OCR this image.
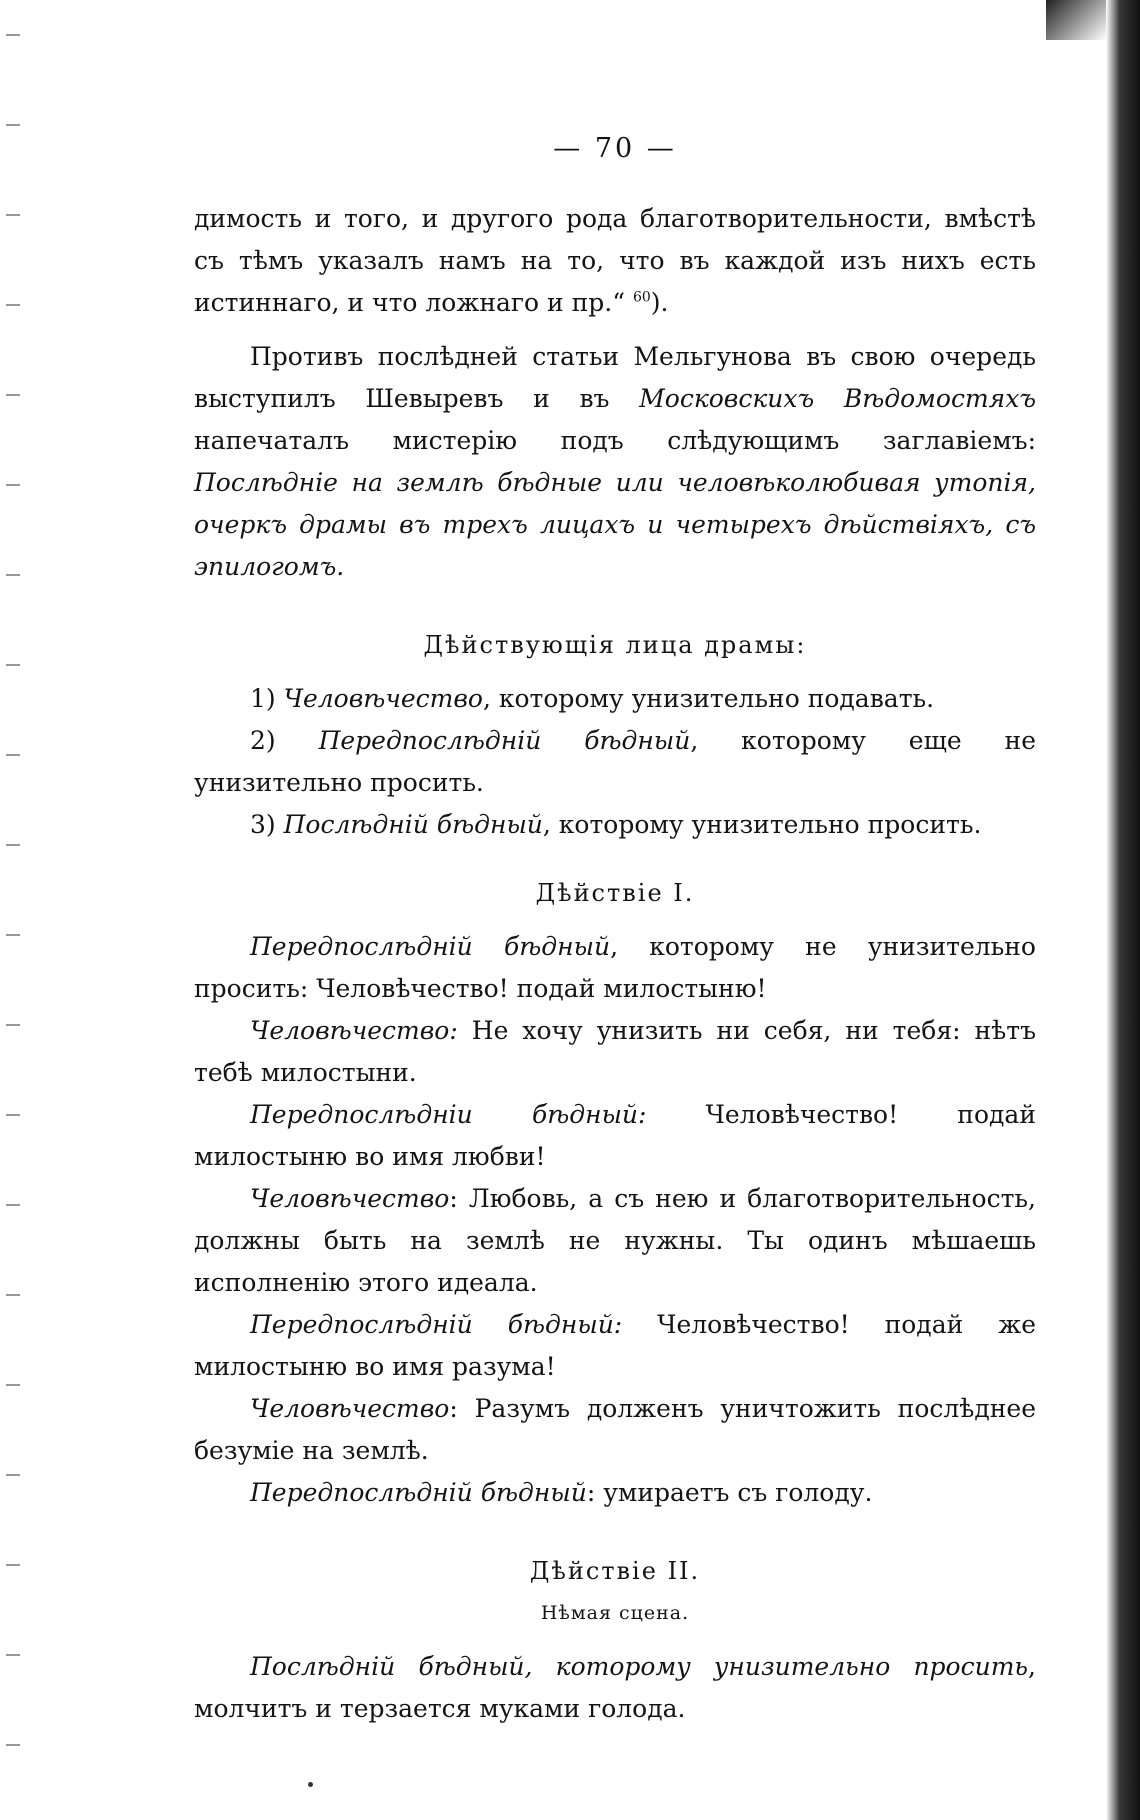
— 70 —

димость и того, и другого рода благотворительности, вмѣстѣ съ тѣмъ указалъ намъ на то, что въ каждой изъ нихъ есть истиннаго, и что ложнаго и пр.“ $^{60}$).

Противъ послѣдней статьи Мельгунова въ свою очередь выступилъ Шевыревъ и въ Московскихъ Вѣдомостяхъ напечаталъ мистерію подъ слѣдующимъ заглавіемъ: Послѣдніе на землѣ бѣдные или человѣколюбивая утопія, очеркъ драмы въ трехъ лицахъ и четырехъ дѣйствіяхъ, съ эпилогомъ.

Дѣйствующія лица драмы:

1) Человѣчество, которому унизительно подавать.

2) Передпослѣдній бѣдный, которому еще не унизительно просить.

3) Послѣдній бѣдный, которому унизительно просить.

Дѣйствіе I.

Передпослѣдній бѣдный, которому не унизительно просить: Человѣчество! подай милостыню!

Человѣчество: Не хочу унизить ни себя, ни тебя: нѣтъ тебѣ милостыни.

Передпослѣдніи бѣдный: Человѣчество! подай милостыню во имя любви!

Человѣчество: Любовь, а съ нею и благотворительность, должны быть на землѣ не нужны. Ты одинъ мѣшаешь исполненію этого идеала.

Передпослѣдній бѣдный: Человѣчество! подай же милостыню во имя разума!

Человѣчество: Разумъ долженъ уничтожить послѣднее безуміе на землѣ.

Передпослѣдній бѣдный: умираетъ съ голоду.

Дѣйствіе II.

Нѣмая сцена.

Послѣдній бѣдный, которому унизительно просить, молчитъ и терзается муками голода.
